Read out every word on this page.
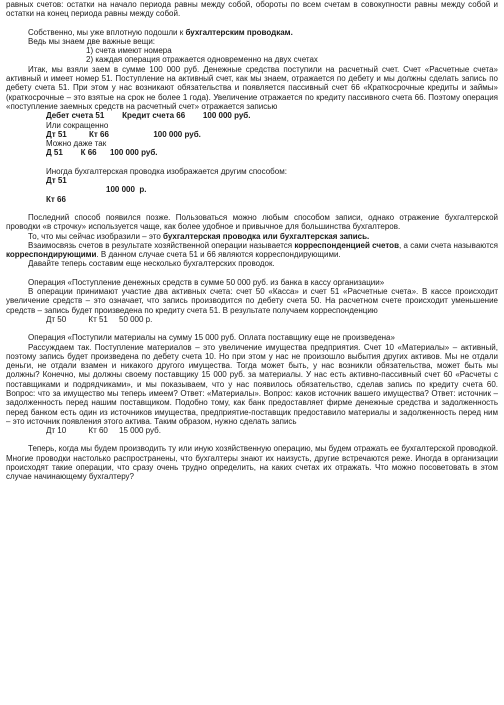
равных счетов: остатки на начало периода равны между собой, обороты по всем счетам в совокупности равны между собой и остатки на конец периода равны между собой.

Собственно, мы уже вплотную подошли к бухгалтерским проводкам.

Ведь мы знаем две важные вещи:

1) счета имеют номера

2) каждая операция отражается одновременно на двух счетах

Итак, мы взяли заем в сумме 100 000 руб. Денежные средства поступили на расчетный счет. Счет «Расчетные счета» активный и имеет номер 51. Поступление на активный счет, как мы знаем, отражается по дебету и мы должны сделать запись по дебету счета 51. При этом у нас возникают обязательства и появляется пассивный счет 66 «Краткосрочные кредиты и займы» (краткосрочные – это взятые на срок не более 1 года). Увеличение отражается по кредиту пассивного счета 66. Поэтому операция «поступление заемных средств на расчетный счет» отражается записью

Дебет счета 51        Кредит счета 66        100 000 руб.

Или сокращенно

Дт 51          Кт 66                    100 000 руб.

Можно даже так

Д 51        К 66      100 000 руб.

Иногда бухгалтерская проводка изображается другим способом:

Дт 51

100 000  р.

Кт 66

Последний способ появился позже. Пользоваться можно любым способом записи, однако отражение бухгалтерской проводки «в строчку» используется чаще, как более удобное и привычное для большинства бухгалтеров.

То, что мы сейчас изобразили – это бухгалтерская проводка или бухгалтерская запись.

Взаимосвязь счетов в результате хозяйственной операции называется корреспонденцией счетов, а сами счета называются корреспондирующими. В данном случае счета 51 и 66 являются корреспондирующими.

Давайте теперь составим еще несколько бухгалтерских проводок.

Операция «Поступление денежных средств в сумме 50 000 руб. из банка в кассу организации»

В операции принимают участие два активных счета: счет 50 «Касса» и счет 51 «Расчетные счета». В кассе происходит увеличение средств – это означает, что запись производится по дебету счета 50. На расчетном счете происходит уменьшение средств – запись будет произведена по кредиту счета 51. В результате получаем корреспонденцию

Дт 50          Кт 51     50 000 р.

Операция «Поступили материалы на сумму 15 000 руб. Оплата поставщику еще не произведена»

Рассуждаем так. Поступление материалов – это увеличение имущества предприятия. Счет 10 «Материалы» – активный, поэтому запись будет произведена по дебету счета 10. Но при этом у нас не произошло выбытия других активов. Мы не отдали деньги, не отдали взамен и никакого другого имущества. Тогда может быть, у нас возникли обязательства, может быть мы должны? Конечно, мы должны своему поставщику 15 000 руб. за материалы. У нас есть активно-пассивный счет 60 «Расчеты с поставщиками и подрядчиками», и мы показываем, что у нас появилось обязательство, сделав запись по кредиту счета 60. Вопрос: что за имущество мы теперь имеем? Ответ: «Материалы». Вопрос: каков источник вашего имущества? Ответ: источник – задолженность перед нашим поставщиком. Подобно тому, как банк предоставляет фирме денежные средства и задолженность перед банком есть один из источников имущества, предприятие-поставщик предоставило материалы и задолженность перед ним – это источник появления этого актива. Таким образом, нужно сделать запись

Дт 10          Кт 60     15 000 руб.

Теперь, когда мы будем производить ту или иную хозяйственную операцию, мы будем отражать ее бухгалтерской проводкой. Многие проводки настолько распространены, что бухгалтеры знают их наизусть, другие встречаются реже. Иногда в организации происходят такие операции, что сразу очень трудно определить, на каких счетах их отражать. Что можно посоветовать в этом случае начинающему бухгалтеру?
